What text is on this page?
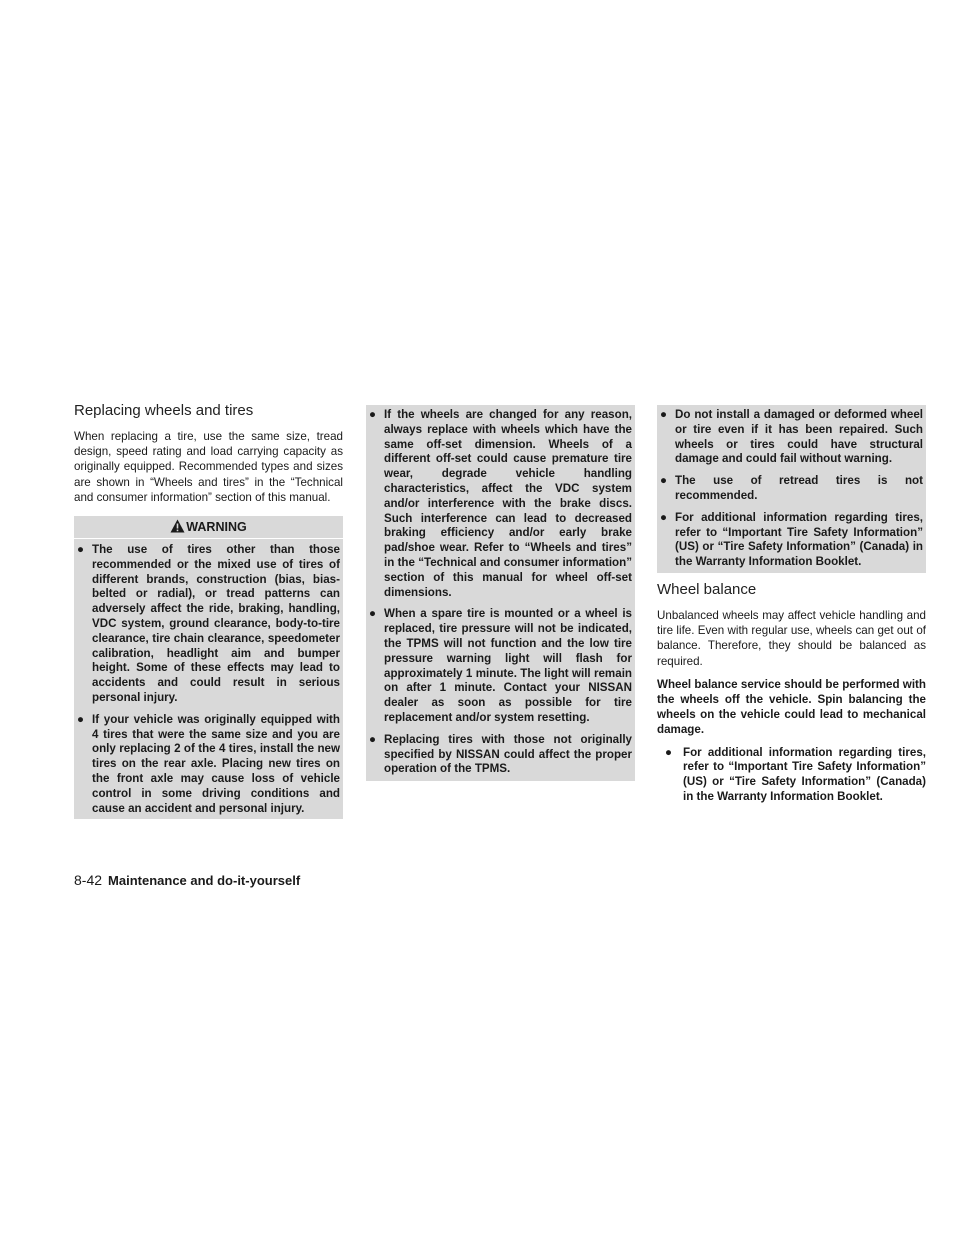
Replacing wheels and tires

When replacing a tire, use the same size, tread design, speed rating and load carrying capacity as originally equipped. Recommended types and sizes are shown in “Wheels and tires” in the “Technical and consumer information” section of this manual.

WARNING
● The use of tires other than those recommended or the mixed use of tires of different brands, construction (bias, bias-belted or radial), or tread patterns can adversely affect the ride, braking, handling, VDC system, ground clearance, body-to-tire clearance, tire chain clearance, speedometer calibration, headlight aim and bumper height. Some of these effects may lead to accidents and could result in serious personal injury.
● If your vehicle was originally equipped with 4 tires that were the same size and you are only replacing 2 of the 4 tires, install the new tires on the rear axle. Placing new tires on the front axle may cause loss of vehicle control in some driving conditions and cause an accident and personal injury.
● If the wheels are changed for any reason, always replace with wheels which have the same off-set dimension. Wheels of a different off-set could cause premature tire wear, degrade vehicle handling characteristics, affect the VDC system and/or interference with the brake discs. Such interference can lead to decreased braking efficiency and/or early brake pad/shoe wear. Refer to “Wheels and tires” in the “Technical and consumer information” section of this manual for wheel off-set dimensions.
● When a spare tire is mounted or a wheel is replaced, tire pressure will not be indicated, the TPMS will not function and the low tire pressure warning light will flash for approximately 1 minute. The light will remain on after 1 minute. Contact your NISSAN dealer as soon as possible for tire replacement and/or system resetting.
● Replacing tires with those not originally specified by NISSAN could affect the proper operation of the TPMS.
● Do not install a damaged or deformed wheel or tire even if it has been repaired. Such wheels or tires could have structural damage and could fail without warning.
● The use of retread tires is not recommended.
● For additional information regarding tires, refer to “Important Tire Safety Information” (US) or “Tire Safety Information” (Canada) in the Warranty Information Booklet.
Wheel balance

Unbalanced wheels may affect vehicle handling and tire life. Even with regular use, wheels can get out of balance. Therefore, they should be balanced as required.

Wheel balance service should be performed with the wheels off the vehicle. Spin balancing the wheels on the vehicle could lead to mechanical damage.

● For additional information regarding tires, refer to “Important Tire Safety Information” (US) or “Tire Safety Information” (Canada) in the Warranty Information Booklet.
8-42 Maintenance and do-it-yourself
